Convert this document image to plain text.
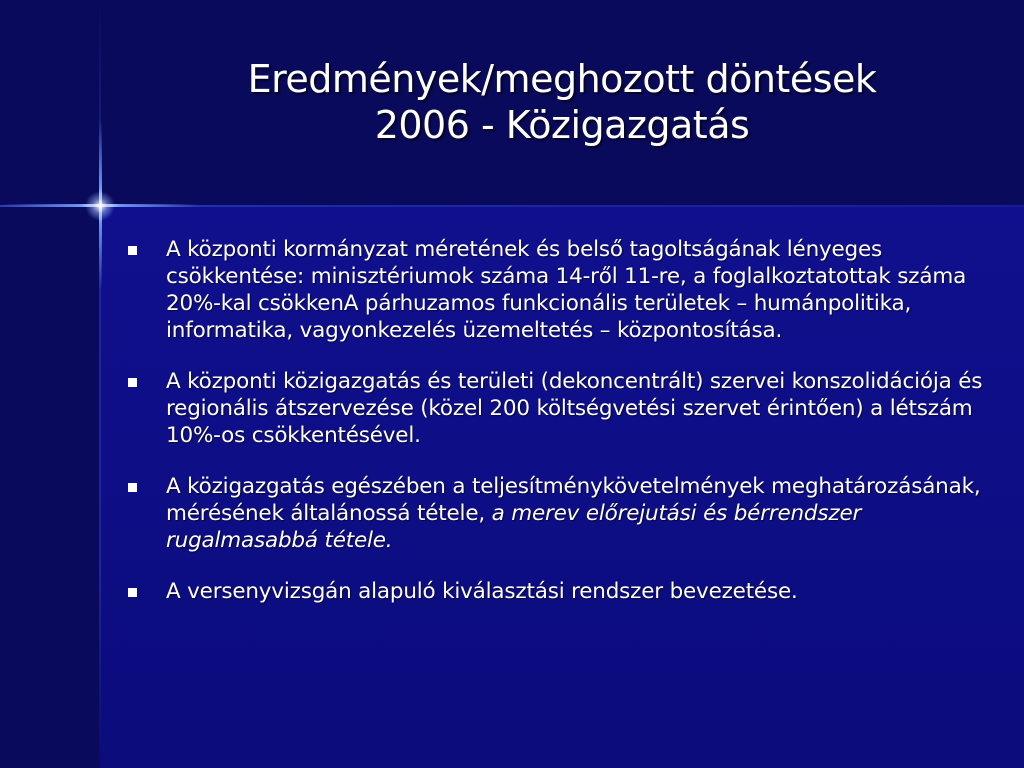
Eredmények/meghozott döntések
2006 - Közigazgatás
A központi kormányzat méretének és belső tagoltságának lényeges csökkentése: minisztériumok száma 14-ről 11-re, a foglalkoztatottak száma 20%-kal csökkenA párhuzamos funkcionális területek – humánpolitika, informatika, vagyonkezelés üzemeltetés – központosítása.
A központi közigazgatás és területi (dekoncentrált) szervei konszolidációja és regionális átszervezése (közel 200 költségvetési szervet érintően) a létszám 10%-os csökkentésével.
A közigazgatás egészében a teljesítménykövetelmények meghatározásának, mérésének általánossá tétele, a merev előrejutási és bérrendszer rugalmasabbá tétele.
A versenyvizsgán alapuló kiválasztási rendszer bevezetése.
